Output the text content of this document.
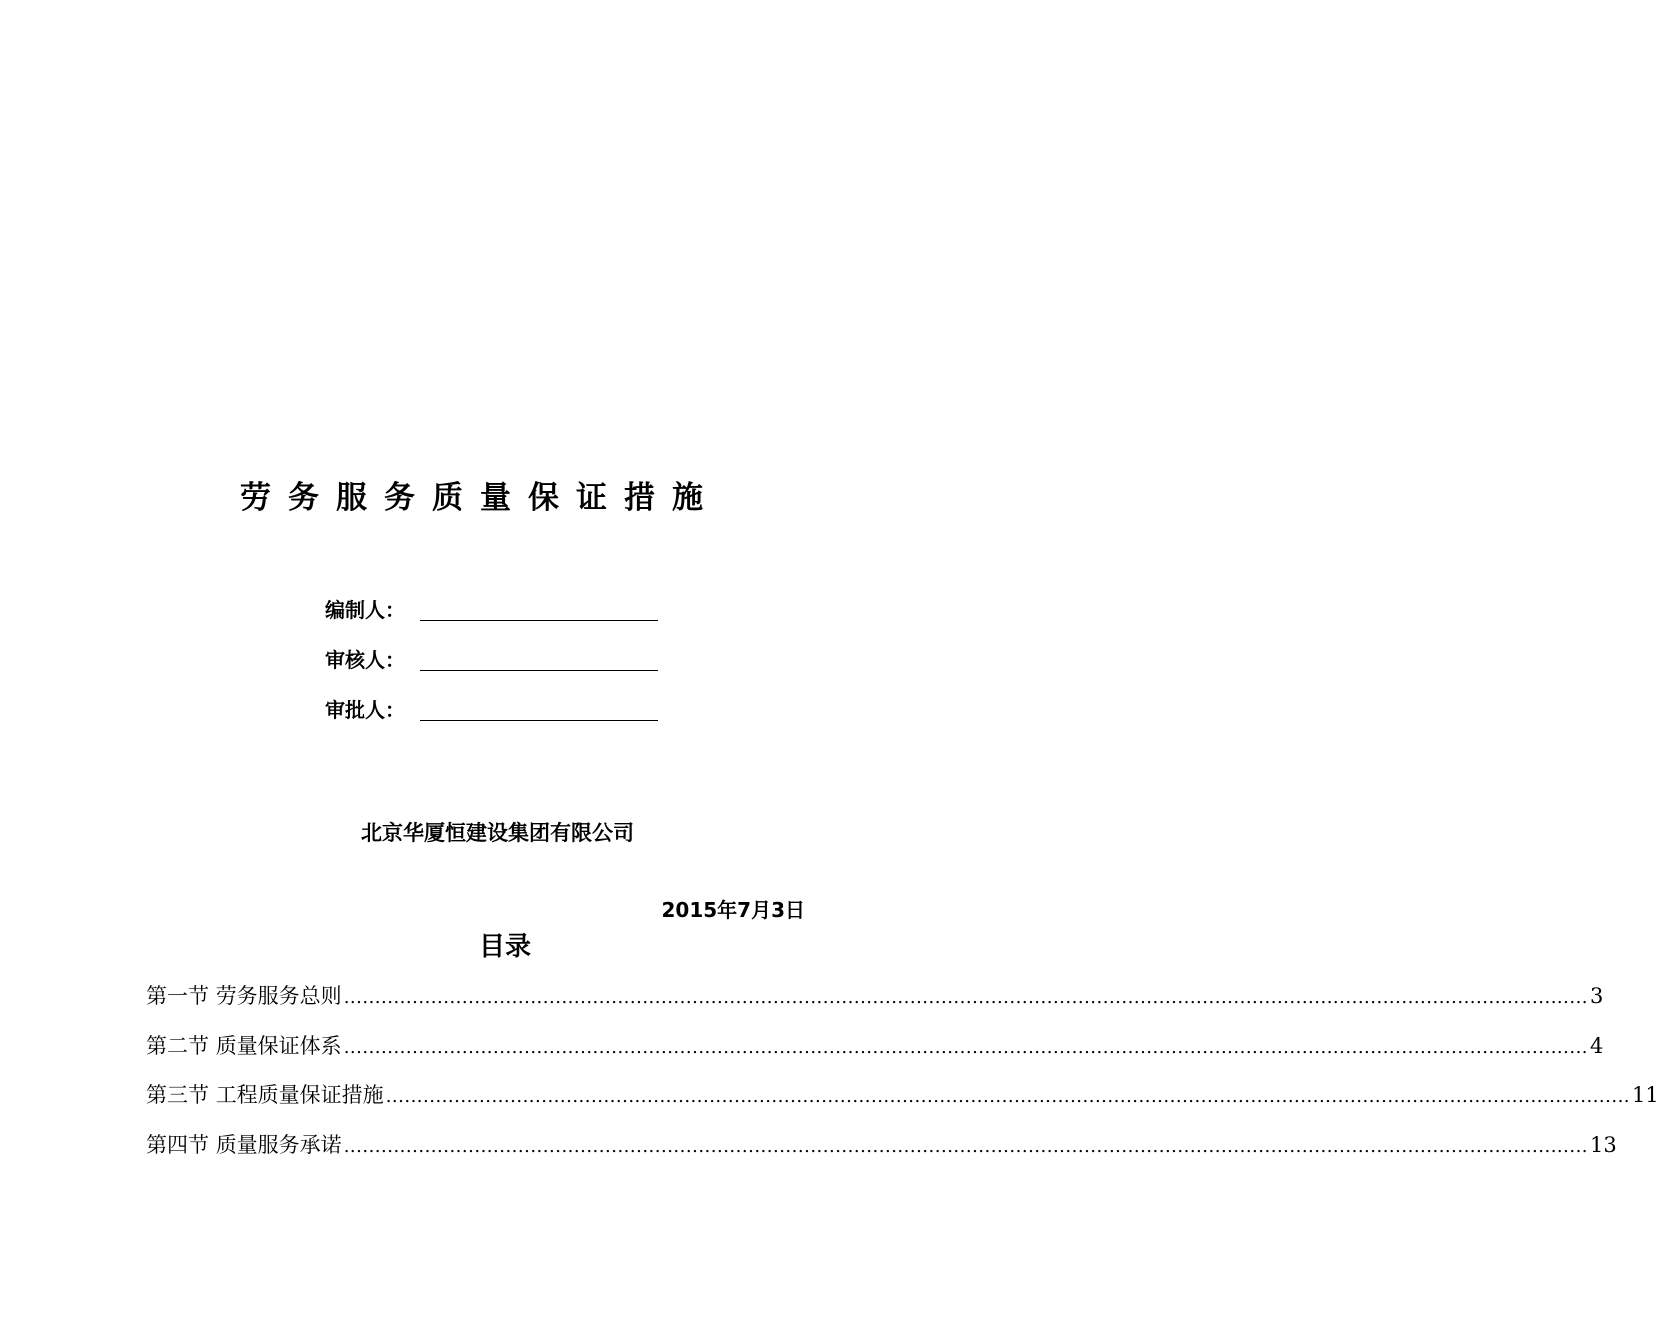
劳务服务质量保证措施
编制人：
审核人：
审批人：
北京华厦恒建设集团有限公司
2015年7月3日
目录
第一节 劳务服务总则 ........................................................................................................................................................................................................ 3
第二节 质量保证体系 ........................................................................................................................................................................................................ 4
第三节 工程质量保证措施 ........................................................................................................................................................................................................ 11
第四节 质量服务承诺 ........................................................................................................................................................................................................ 13
